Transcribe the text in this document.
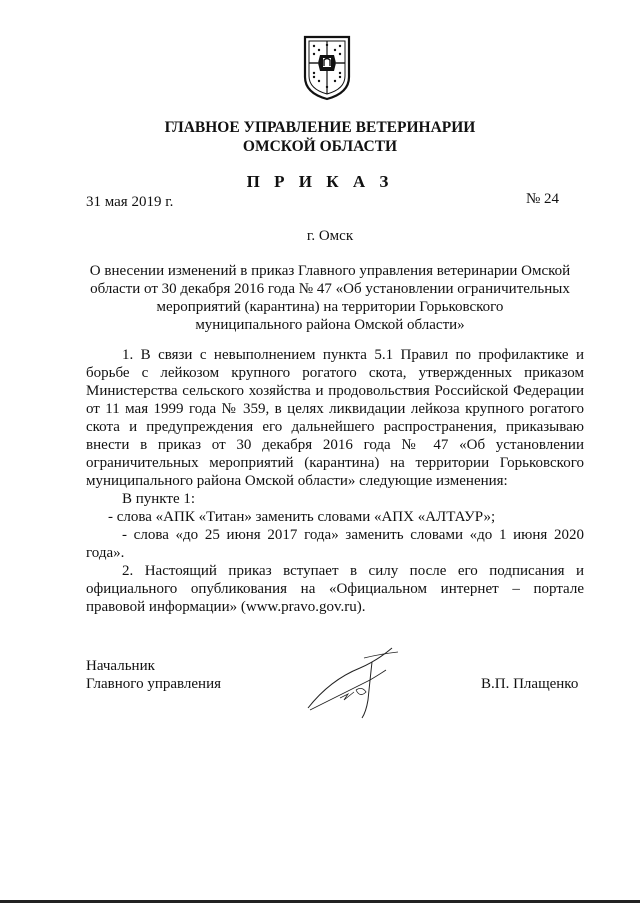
ГЛАВНОЕ УПРАВЛЕНИЕ ВЕТЕРИНАРИИ
ОМСКОЙ ОБЛАСТИ
П Р И К А З
31 мая 2019 г.	№ 24
г. Омск
О внесении изменений в приказ Главного управления ветеринарии Омской
области от 30 декабря 2016 года № 47 «Об установлении ограничительных
мероприятий (карантина) на территории Горьковского
муниципального района Омской области»
1. В связи с невыполнением пункта 5.1 Правил по профилактике и
борьбе с лейкозом крупного рогатого скота, утвержденных приказом
Министерства сельского хозяйства и продовольствия Российской Федерации
от 11 мая 1999 года № 359, в целях ликвидации лейкоза крупного рогатого
скота и предупреждения его дальнейшего распространения, приказываю
внести в приказ от 30 декабря 2016 года № 47 «Об установлении
ограничительных мероприятий (карантина) на территории Горьковского
муниципального района Омской области» следующие изменения:
В пункте 1:
- слова «АПК «Титан» заменить словами «АПХ «АЛТАУР»;
- слова «до 25 июня 2017 года» заменить словами «до 1 июня 2020
года».
2. Настоящий приказ вступает в силу после его подписания и
официального опубликования на «Официальном интернет – портале
правовой информации» (www.pravo.gov.ru).
Начальник
Главного управления	В.П. Плащенко
